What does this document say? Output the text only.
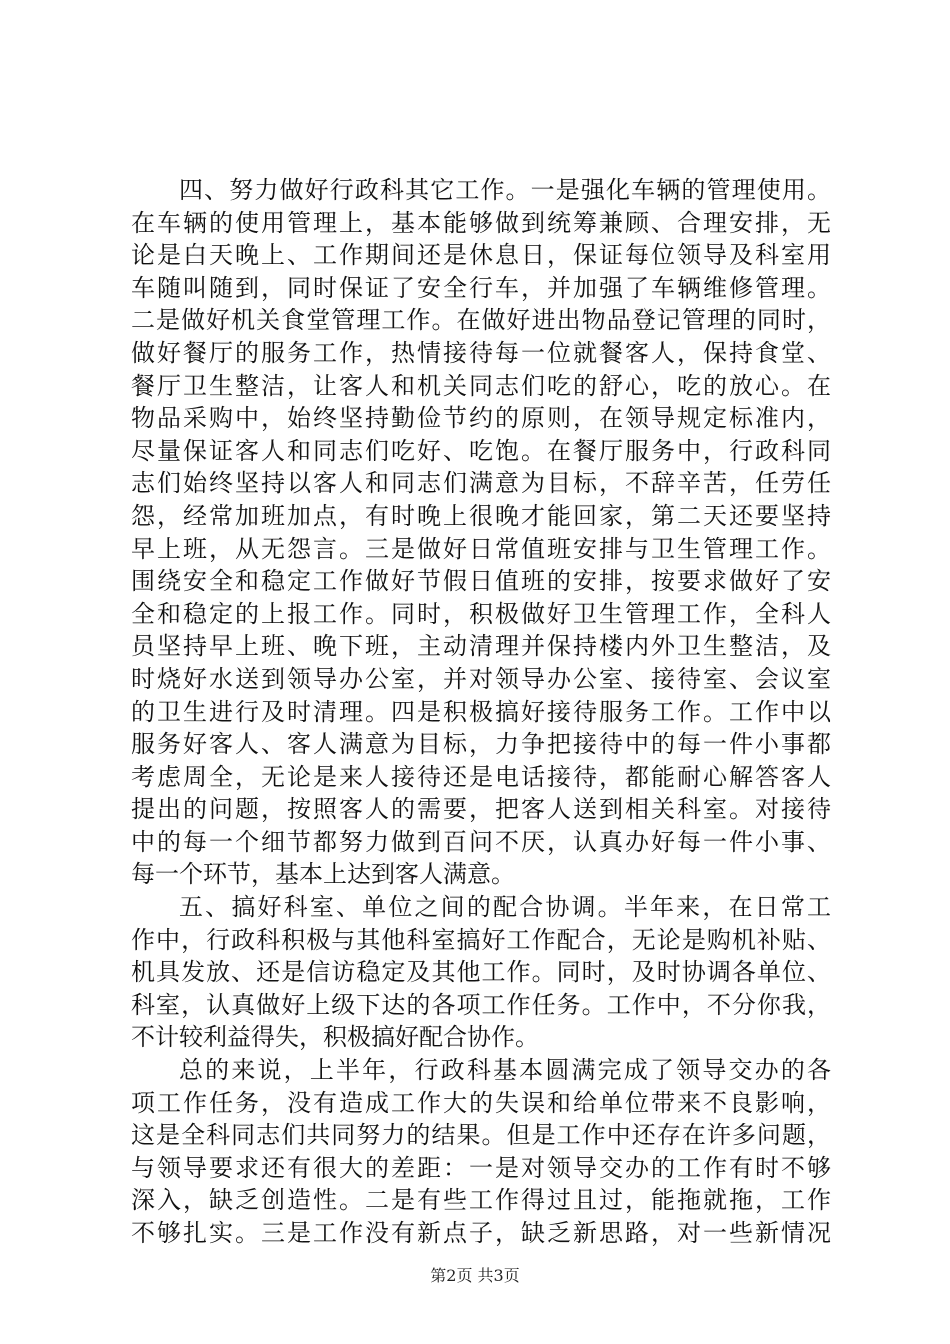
四、努力做好行政科其它工作。一是强化车辆的管理使用。
在车辆的使用管理上，基本能够做到统筹兼顾、合理安排，无
论是白天晚上、工作期间还是休息日，保证每位领导及科室用
车随叫随到，同时保证了安全行车，并加强了车辆维修管理。
二是做好机关食堂管理工作。在做好进出物品登记管理的同时，
做好餐厅的服务工作，热情接待每一位就餐客人，保持食堂、
餐厅卫生整洁，让客人和机关同志们吃的舒心，吃的放心。在
物品采购中，始终坚持勤俭节约的原则，在领导规定标准内，
尽量保证客人和同志们吃好、吃饱。在餐厅服务中，行政科同
志们始终坚持以客人和同志们满意为目标，不辞辛苦，任劳任
怨，经常加班加点，有时晚上很晚才能回家，第二天还要坚持
早上班，从无怨言。三是做好日常值班安排与卫生管理工作。
围绕安全和稳定工作做好节假日值班的安排，按要求做好了安
全和稳定的上报工作。同时，积极做好卫生管理工作，全科人
员坚持早上班、晚下班，主动清理并保持楼内外卫生整洁，及
时烧好水送到领导办公室，并对领导办公室、接待室、会议室
的卫生进行及时清理。四是积极搞好接待服务工作。工作中以
服务好客人、客人满意为目标，力争把接待中的每一件小事都
考虑周全，无论是来人接待还是电话接待，都能耐心解答客人
提出的问题，按照客人的需要，把客人送到相关科室。对接待
中的每一个细节都努力做到百问不厌，认真办好每一件小事、
每一个环节，基本上达到客人满意。
五、搞好科室、单位之间的配合协调。半年来，在日常工
作中，行政科积极与其他科室搞好工作配合，无论是购机补贴、
机具发放、还是信访稳定及其他工作。同时，及时协调各单位、
科室，认真做好上级下达的各项工作任务。工作中，不分你我，
不计较利益得失，积极搞好配合协作。
总的来说，上半年，行政科基本圆满完成了领导交办的各
项工作任务，没有造成工作大的失误和给单位带来不良影响，
这是全科同志们共同努力的结果。但是工作中还存在许多问题，
与领导要求还有很大的差距：一是对领导交办的工作有时不够
深入，缺乏创造性。二是有些工作得过且过，能拖就拖，工作
不够扎实。三是工作没有新点子，缺乏新思路，对一些新情况
第2页 共3页
